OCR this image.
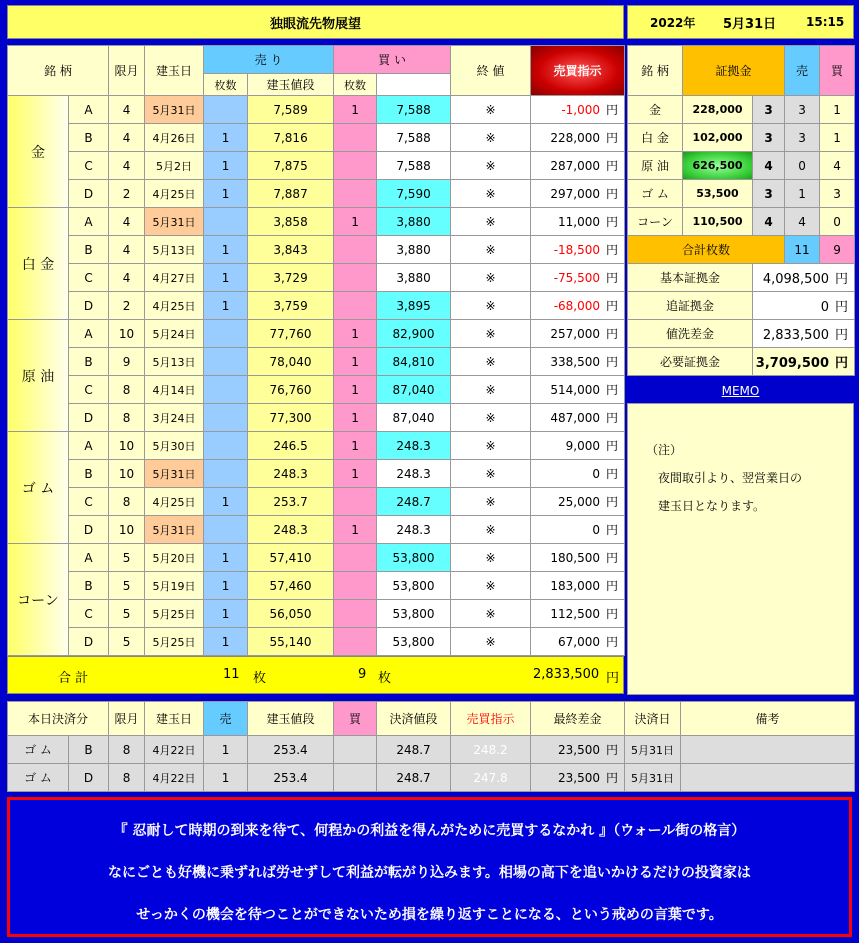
独眼流先物展望	2022年 5月31日 15:15
銘 柄		限月	建玉日	売 り		買 い		終 値	売買指示	
				枚数	建玉値段	枚数				
金	A	4	5月31日		7,589	1	7,588	※	-1,000 円	
	B	4	4月26日	1	7,816		7,588	※	228,000 円	
	C	4	5月2日	1	7,875		7,588	※	287,000 円	
	D	2	4月25日	1	7,887		7,590	※	297,000 円	
白 金	A	4	5月31日		3,858	1	3,880	※	11,000 円	
	B	4	5月13日	1	3,843		3,880	※	-18,500 円	
	C	4	4月27日	1	3,729		3,880	※	-75,500 円	
	D	2	4月25日	1	3,759		3,895	※	-68,000 円	
原 油	A	10	5月24日		77,760	1	82,900	※	257,000 円	
	B	9	5月13日		78,040	1	84,810	※	338,500 円	
	C	8	4月14日		76,760	1	87,040	※	514,000 円	
	D	8	3月24日		77,300	1	87,040	※	487,000 円	
ゴ ム	A	10	5月30日		246.5	1	248.3	※	9,000 円	
	B	10	5月31日		248.3	1	248.3	※	0 円	
	C	8	4月25日	1	253.7		248.7	※	25,000 円	
	D	10	5月31日		248.3	1	248.3	※	0 円	
コーン	A	5	5月20日	1	57,410		53,800	※	180,500 円	
	B	5	5月19日	1	57,460		53,800	※	183,000 円	
	C	5	5月25日	1	56,050		53,800	※	112,500 円	
	D	5	5月25日	1	55,140		53,800	※	67,000 円	
合 計	11 枚	9 枚	2,833,500 円
銘 柄	証拠金		売	買
金	228,000	3	3	1
白 金	102,000	3	3	1
原 油	626,500	4	0	4
ゴ ム	53,500	3	1	3
コーン	110,500	4	4	0
合計枚数			11	9
基本証拠金		4,098,500 円		
追証拠金		0 円		
値洗差金		2,833,500 円		
必要証拠金		3,709,500 円		
MEMO
（注）
夜間取引より、翌営業日の
建玉日となります。
本日決済分		限月	建玉日	売	建玉値段	買	決済値段	売買指示	最終差金	決済日	備考
ゴ ム	B	8	4月22日	1	253.4		248.7	248.2	23,500 円	5月31日	
ゴ ム	D	8	4月22日	1	253.4		248.7	247.8	23,500 円	5月31日	
『 忍耐して時期の到来を待て、何程かの利益を得んがために売買するなかれ 』（ウォール街の格言）
なにごとも好機に乗ずれば労せずして利益が転がり込みます。相場の高下を追いかけるだけの投資家は
せっかくの機会を待つことができないため損を繰り返すことになる、という戒めの言葉です。
